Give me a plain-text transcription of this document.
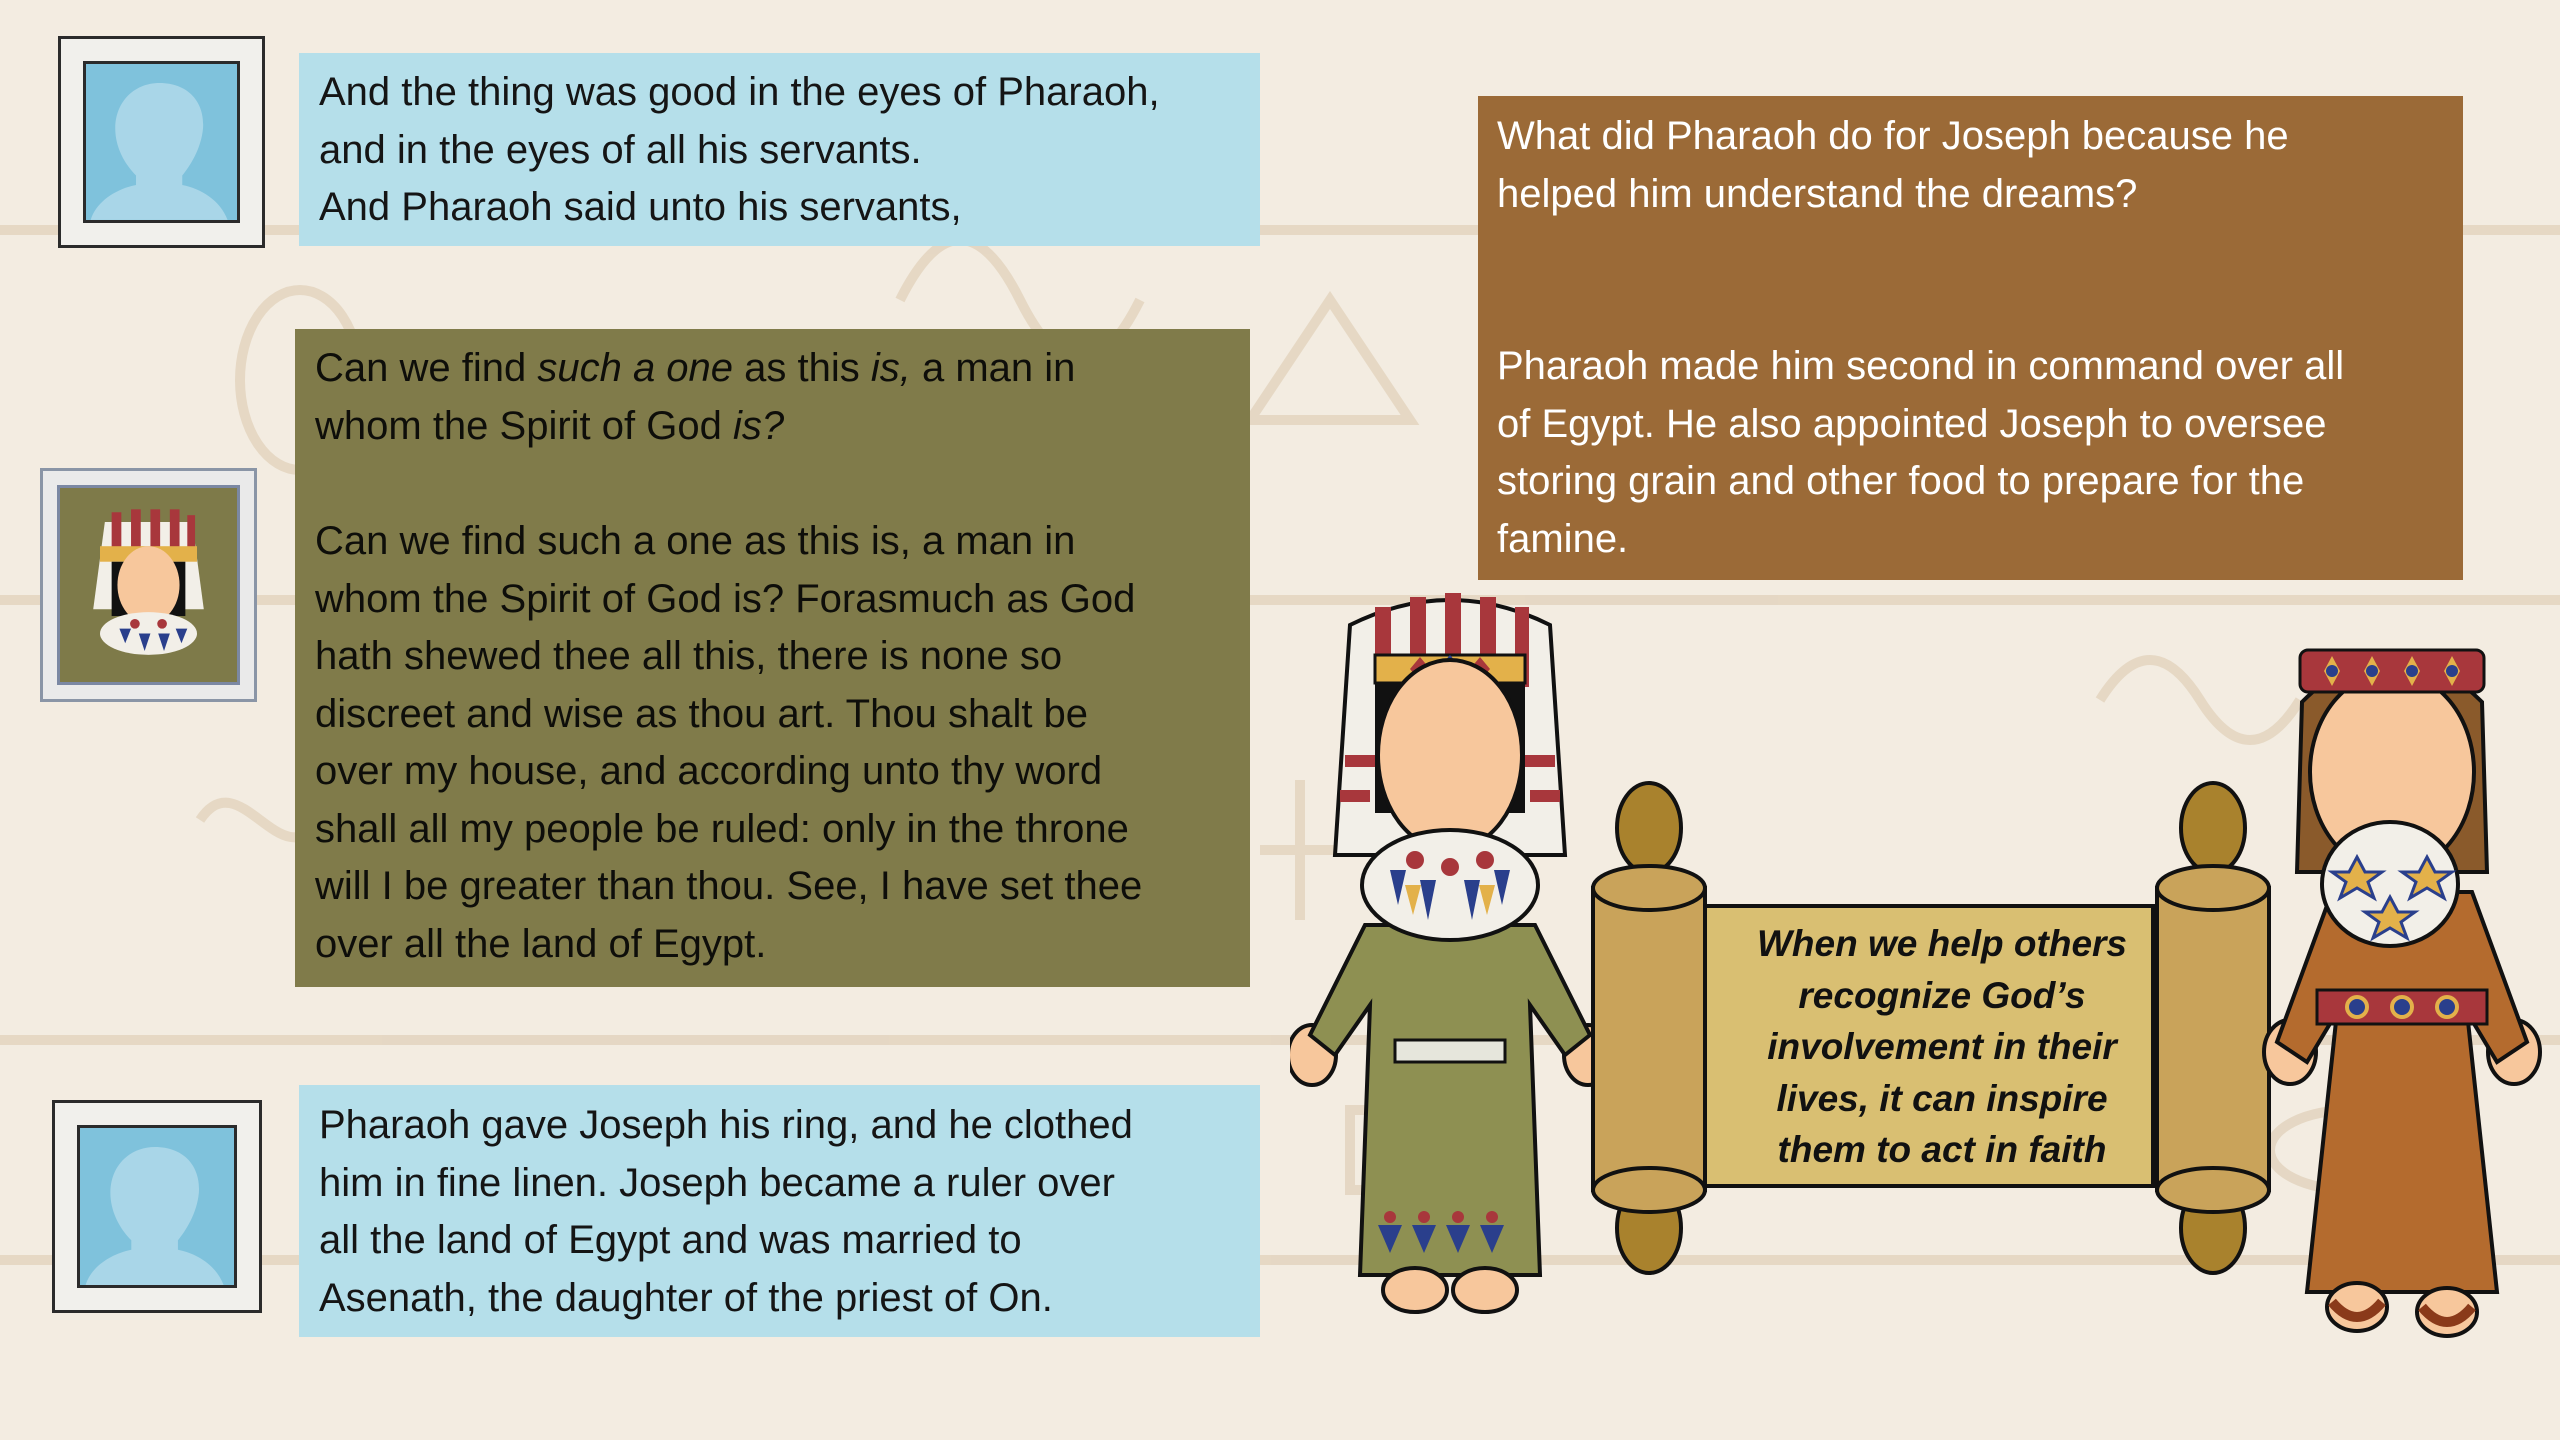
And the thing was good in the eyes of Pharaoh,

and in the eyes of all his servants.

And Pharaoh said unto his servants,

Can we find such a one as this is, a man in

whom the Spirit of God is?

Can we find such a one as this is, a man in

whom the Spirit of God is? Forasmuch as God

hath shewed thee all this, there is none so

discreet and wise as thou art. Thou shalt be

over my house, and according unto thy word

shall all my people be ruled: only in the throne

will I be greater than thou. See, I have set thee

over all the land of Egypt.

Pharaoh gave Joseph his ring, and he clothed

him in fine linen. Joseph became a ruler over

all the land of Egypt and was married to

Asenath, the daughter of the priest of On.

What did Pharaoh do for Joseph because he

helped him understand the dreams?

Pharaoh made him second in command over all

of Egypt. He also appointed Joseph to oversee

storing grain and other food to prepare for the

famine.

When we help others
recognize God’s
involvement in their
lives, it can inspire
them to act in faith
